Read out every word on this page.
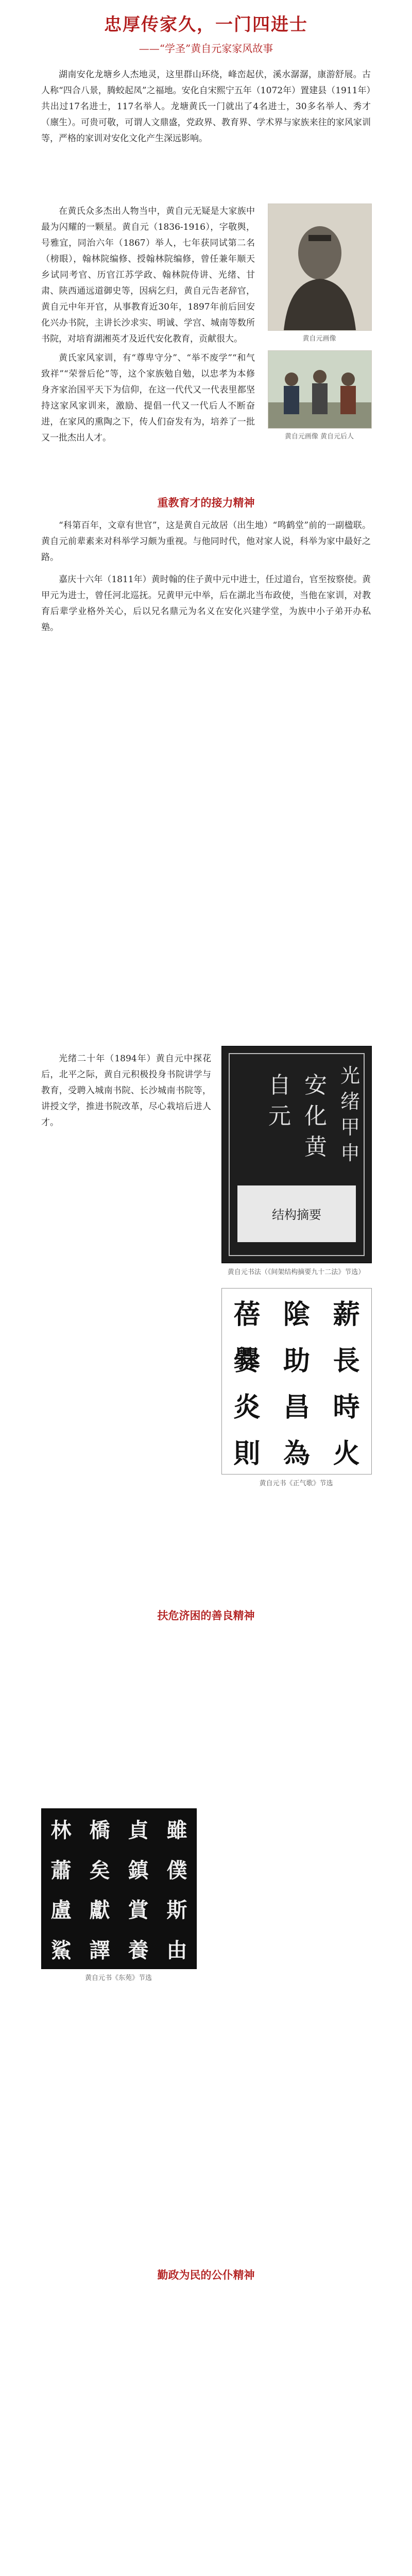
忠厚传家久，一门四进士
——“学圣”黄自元家家风故事

湖南安化龙塘乡人杰地灵，这里群山环绕，峰峦起伏，溪水潺潺，康游舒展。古人称“四合八景，腾蛟起凤”之福地。安化自宋熙宁五年（1072年）置建县（1911年）共出过17名进士，117名举人。龙塘黄氏一门就出了4名进士，30多名举人、秀才（廪生）。可贵可敬，可谓人文鼎盛，党政界、教育界、学术界与家族来往的家风家训等，严格的家训对安化文化产生深远影响。

在黄氏众多杰出人物当中，黄自元无疑是大家族中最为闪耀的一颗星。黄自元（1836-1916），字敬舆，号雅宜，同治六年（1867）举人，七年获同试第二名（榜眼），翰林院编修、授翰林院编修，曾任兼年顺天乡试同考官、历官江苏学政、翰林院侍讲、光绪、甘肃、陕西通远道御史等，因病乞归，黄自元告老辞官，黄自元中年开官，从事教育近30年，1897年前后回安化兴办书院，主讲长沙求实、明诚、学宫、城南等数所书院，对培育湖湘英才及近代安化教育，贡献很大。	黄自元画像

黄氏家风家训，有“尊卑守分”、“举不废学”“和气致祥”“荣誉后伦”等，这个家族勉自勉，以忠孝为本修身齐家治国平天下为信仰，在这一代代又一代表里都坚持这家风家训来，激励、提倡一代又一代后人不断奋进，在家风的熏陶之下，传人们奋发有为，培养了一批又一批杰出人才。	黄自元画像 黄自元后人
重教育才的接力精神

“科第百年，文章有世官”，这是黄自元故居（出生地）“鸣鹤堂”前的一副楹联。黄自元前辈素来对科举学习颇为重视。与他同时代，他对家人说，科举为家中最好之路。

嘉庆十六年（1811年）黄时翰的住子黄中元中进士，任过道台，官至按察使。黄甲元为进士，曾任河北巡抚。兄黄甲元中举，后在湖北当布政使，当他在家训，对教育后辈学业格外关心，后以兄名鼎元为名义在安化兴建学堂，为族中小子弟开办私塾。

光绪二十年（1894年）黄自元中探花后，北平之际，黄自元积极投身书院讲学与教育，受聘入城南书院、长沙城南书院等，讲授文学，推进书院改革，尽心栽培后进人才。

光
绪
甲
申
安
化
黄
自
元
结构摘要
黄自元书法（《间架结构摘要九十二法》节选）
蓓 隂 薪
爨 助 長
炎 昌 時
則 為 火
黄自元书《正气歌》节选
扶危济困的善良精神
林 橋 貞 雖
蕭 矣 鎮 僕
盧 獻 賞 斯
鯊 譯 養 由
黄自元书《东苑》节选
勤政为民的公仆精神
